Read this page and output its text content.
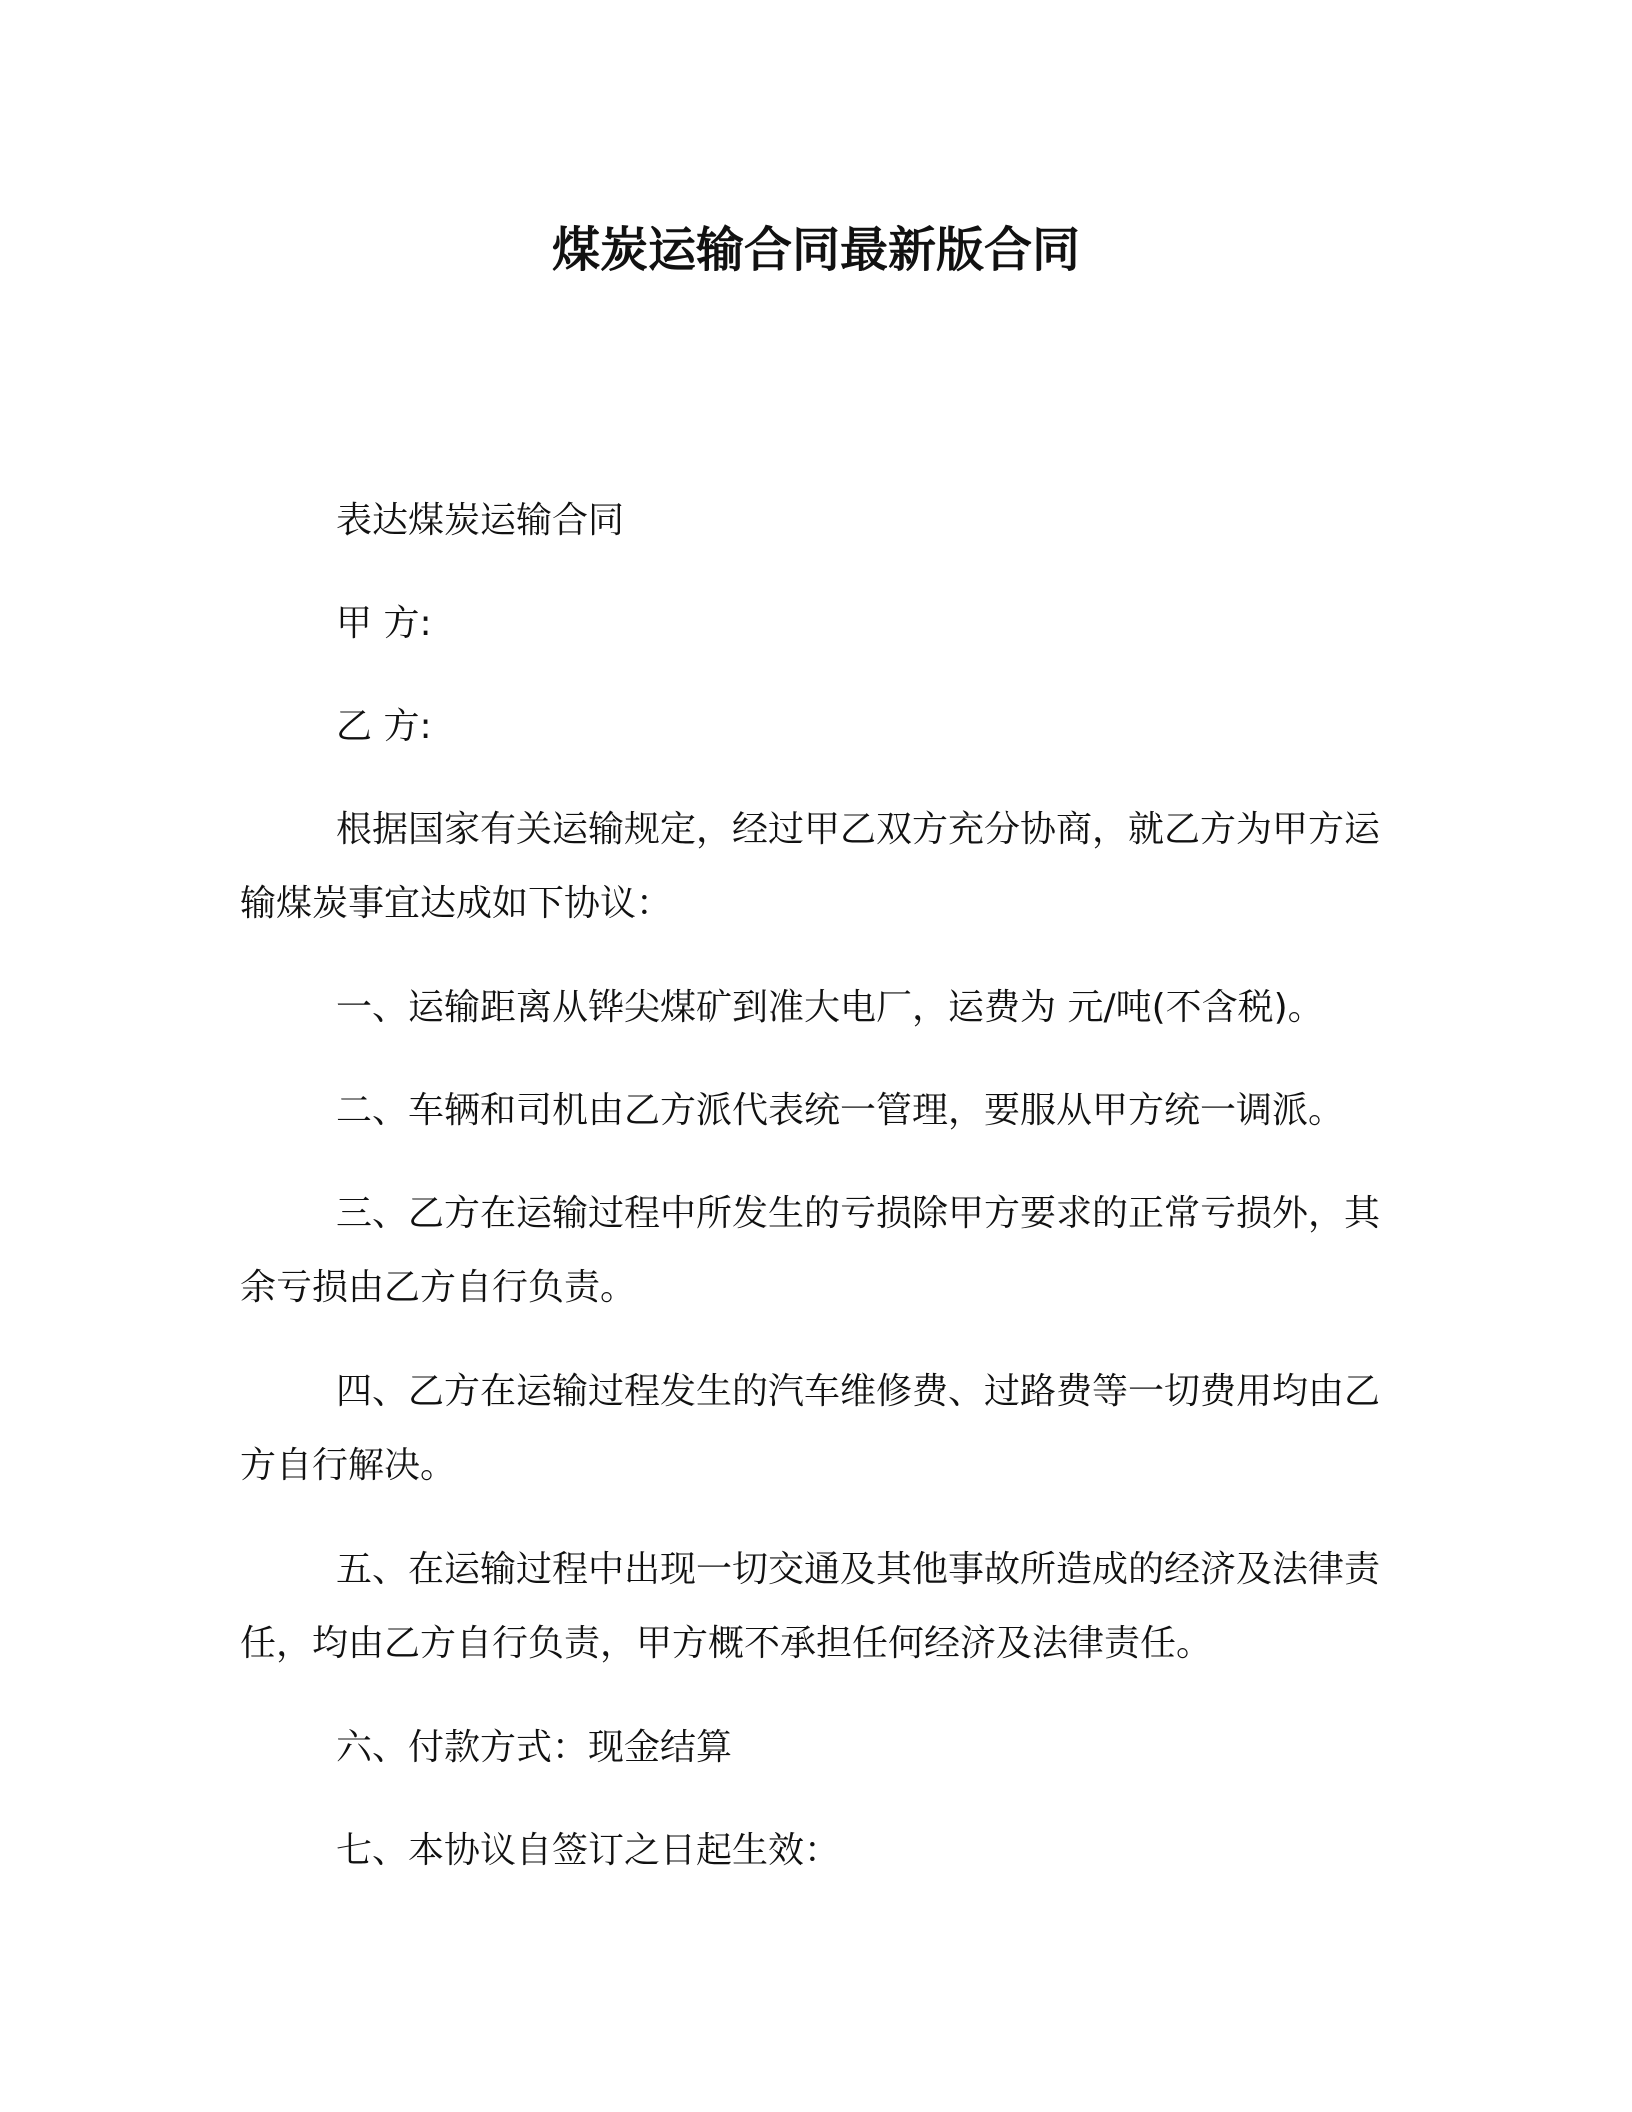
煤炭运输合同最新版合同

表达煤炭运输合同

甲 方:

乙 方:

根据国家有关运输规定，经过甲乙双方充分协商，就乙方为甲方运输煤炭事宜达成如下协议：

一、运输距离从铧尖煤矿到准大电厂，运费为 元/吨(不含税)。

二、车辆和司机由乙方派代表统一管理，要服从甲方统一调派。

三、乙方在运输过程中所发生的亏损除甲方要求的正常亏损外，其余亏损由乙方自行负责。

四、乙方在运输过程发生的汽车维修费、过路费等一切费用均由乙方自行解决。

五、在运输过程中出现一切交通及其他事故所造成的经济及法律责任，均由乙方自行负责，甲方概不承担任何经济及法律责任。

六、付款方式：现金结算

七、本协议自签订之日起生效：
